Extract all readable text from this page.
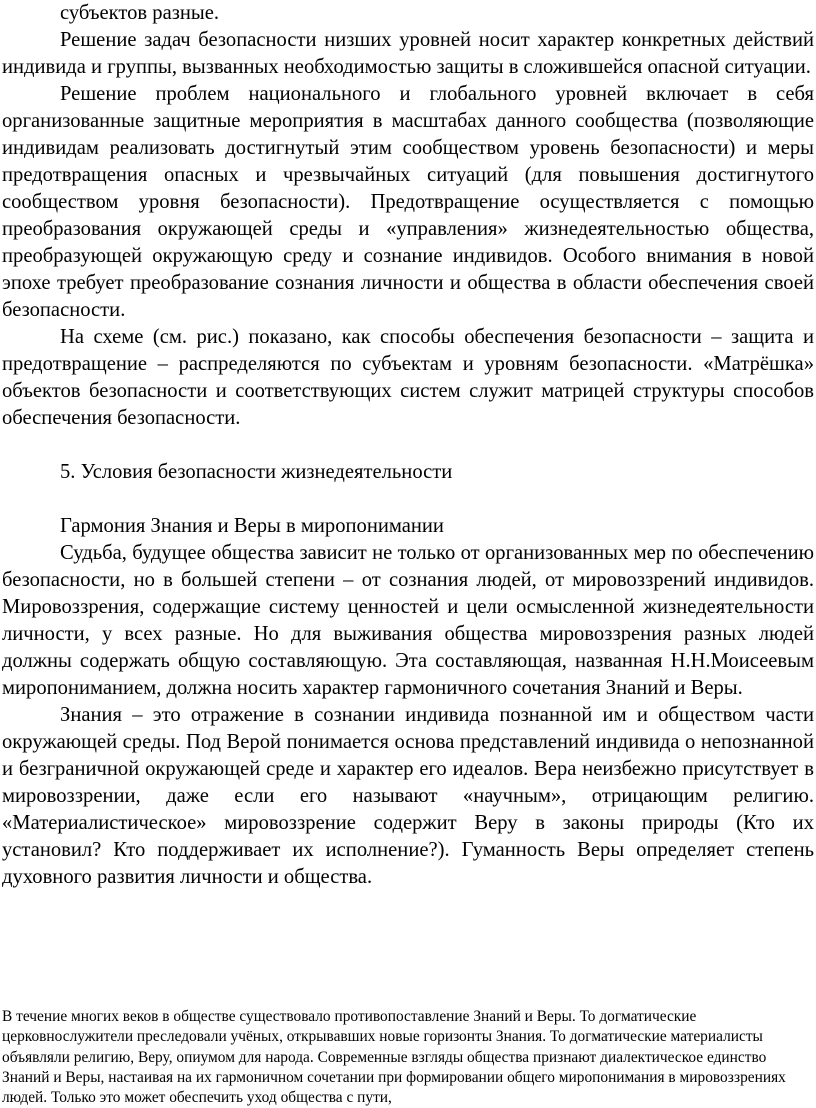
субъектов разные.

Решение задач безопасности низших уровней носит характер конкретных действий индивида и группы, вызванных необходимостью защиты в сложившейся опасной ситуации.

Решение проблем национального и глобального уровней включает в себя организованные защитные мероприятия в масштабах данного сообщества (позволяющие индивидам реализовать достигнутый этим сообществом уровень безопасности) и меры предотвращения опасных и чрезвычайных ситуаций (для повышения достигнутого сообществом уровня безопасности). Предотвращение осуществляется с помощью преобразования окружающей среды и «управления» жизнедеятельностью общества, преобразующей окружающую среду и сознание индивидов. Особого внимания в новой эпохе требует преобразование сознания личности и общества в области обеспечения своей безопасности.

На схеме (см. рис.) показано, как способы обеспечения безопасности – защита и предотвращение – распределяются по субъектам и уровням безопасности. «Матрёшка» объектов безопасности и соответствующих систем служит матрицей структуры способов обеспечения безопасности.

5. Условия безопасности жизнедеятельности

Гармония Знания и Веры в миропонимании

Судьба, будущее общества зависит не только от организованных мер по обеспечению безопасности, но в большей степени – от сознания людей, от мировоззрений индивидов. Мировоззрения, содержащие систему ценностей и цели осмысленной жизнедеятельности личности, у всех разные. Но для выживания общества мировоззрения разных людей должны содержать общую составляющую. Эта составляющая, названная Н.Н.Моисеевым миропониманием, должна носить характер гармоничного сочетания Знаний и Веры.

Знания – это отражение в сознании индивида познанной им и обществом части окружающей среды. Под Верой понимается основа представлений индивида о непознанной и безграничной окружающей среде и характер его идеалов. Вера неизбежно присутствует в мировоззрении, даже если его называют «научным», отрицающим религию. «Материалистическое» мировоззрение содержит Веру в законы природы (Кто их установил? Кто поддерживает их исполнение?). Гуманность Веры определяет степень духовного развития личности и общества.

В течение многих веков в обществе существовало противопоставление Знаний и Веры. То догматические церковнослужители преследовали учёных, открывавших новые горизонты Знания. То догматические материалисты объявляли религию, Веру, опиумом для народа. Современные взгляды общества признают диалектическое единство Знаний и Веры, настаивая на их гармоничном сочетании при формировании общего миропонимания в мировоззрениях людей. Только это может обеспечить уход общества с пути,
